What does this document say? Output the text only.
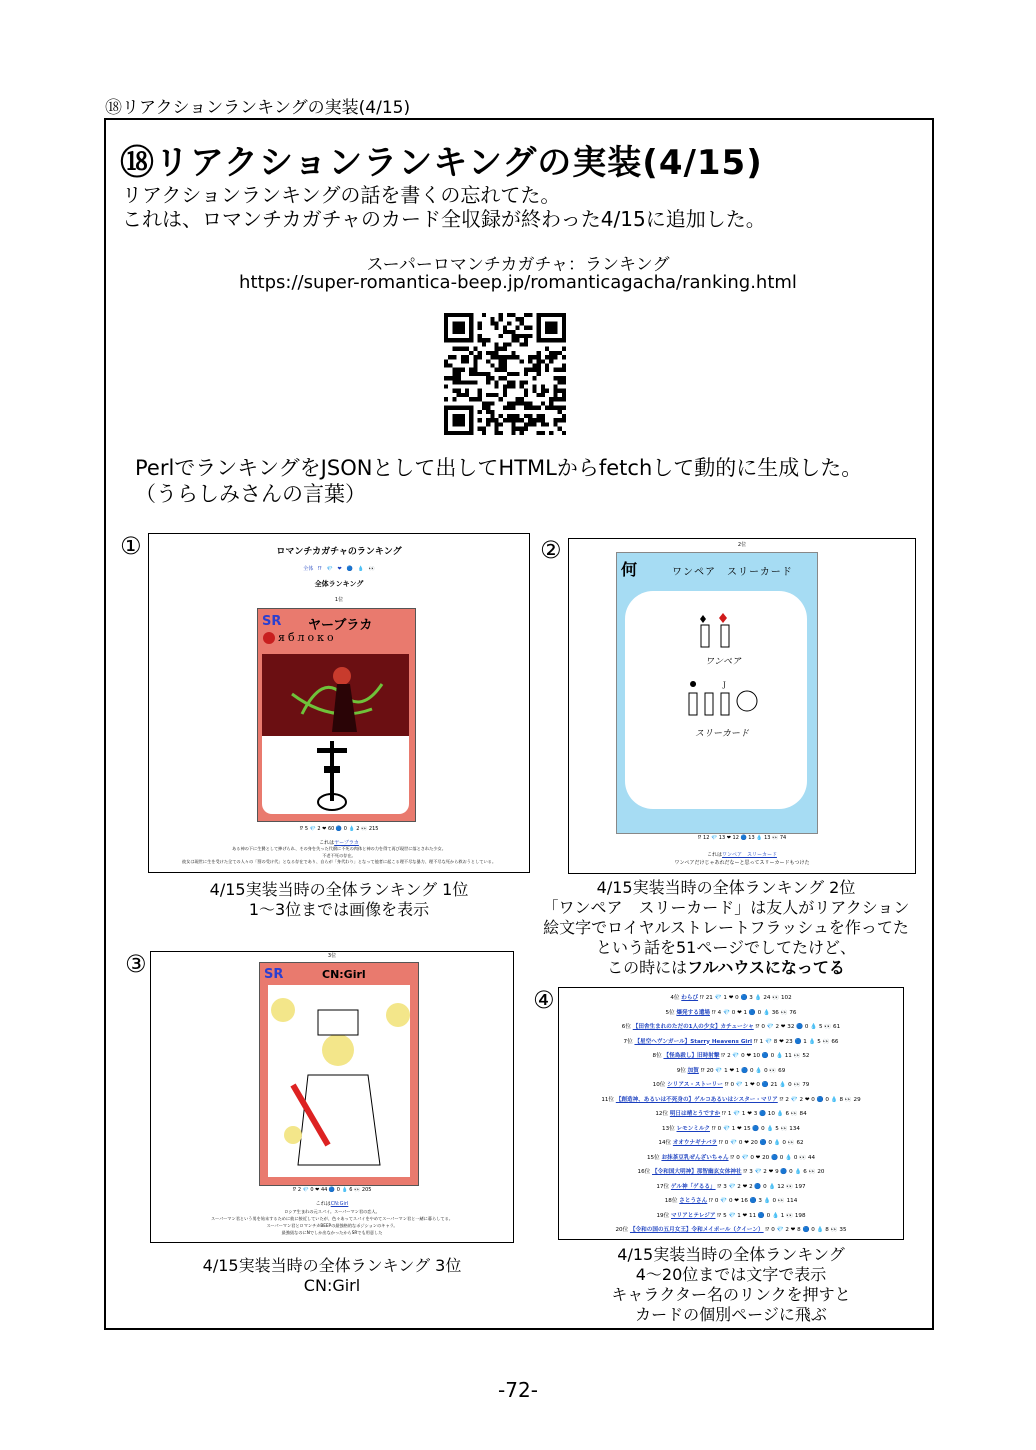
⑱リアクションランキングの実装(4/15)
⑱リアクションランキングの実装(4/15)
リアクションランキングの話を書くの忘れてた。
これは、ロマンチカガチャのカード全収録が終わった4/15に追加した。
スーパーロマンチカガチャ：ランキング
https://super-romantica-beep.jp/romanticagacha/ranking.html
PerlでランキングをJSONとして出してHTMLからfetchして動的に生成した。
（うらしみさんの言葉）
①	②
③
④
ロマンチカガチャのランキング
全体 ⁉ 💎 ❤ 🔵 💧 👀
全体ランキング
1位
SR ヤーブラカ
яблоко
⁉ 5 💎 2 ❤ 60 🔵 0 💧 2 👀 215
これはヤーブラカ
ある神の下に生贄として捧げられ、その身を失った代償に不死の肉体と神の力を得て再び現世に落とされた少女。
不老不死の存在。
彼女は現世に生を受けた全ての人々の「罰の受け代」となる存在であり、自らが「身代わり」となって他者に起こる理不尽な暴力、理不尽な死から救おうとしている。
4/15実装当時の全体ランキング 1位
1〜3位までは画像を表示
2位
何	ワンペア　スリーカード
ワンペア
J
スリーカード
⁉ 12 💎 13 ❤ 12 🔵 13 💧 13 👀 74
これはワンペア　スリーカード
ワンペアだけじゃあれだなーと思ってスリーカードもつけた
4/15実装当時の全体ランキング 2位
「ワンペア　スリーカード」は友人がリアクション
絵文字でロイヤルストレートフラッシュを作ってた
という話を51ページでしてたけど、
この時にはフルハウスになってる
3位
SR	CN:Girl
⁉ 2 💎 0 ❤ 44 🔵 0 💧 6 👀 205
これはCN:Girl
ロシア生まれの元スパイ。スーパーマン君の恋人。
スーパーマン君という男を始末するために彼に接近していたが、色々あってスパイをやめてスーパーマン君と一緒に暮らしてる。
スーパーマン君とロマンチカBEEPの最強格的なポジションのキャラ。
最強級なのにNでしか出なかったからSRでも用意した
4/15実装当時の全体ランキング 3位
CN:Girl
4位 わらび ⁉ 21 💎 1 ❤ 0 🔵 3 💧 24 👀 102
5位 爆発する遺場 ⁉ 4 💎 0 ❤ 1 🔵 0 💧 36 👀 76
6位 【田舎生まれのただの1人の少女】カチューシャ ⁉ 0 💎 2 ❤ 32 🔵 0 💧 5 👀 61
7位 【星空ヘヴンガール】Starry Heavens Girl ⁉ 1 💎 8 ❤ 23 🔵 1 💧 5 👀 66
8位 【怪鳥殺し】旧時射撃 ⁉ 2 💎 0 ❤ 10 🔵 0 💧 11 👀 52
9位 加賀 ⁉ 20 💎 1 ❤ 1 🔵 0 💧 0 👀 69
10位 シリアス・ストーリー ⁉ 0 💎 1 ❤ 0 🔵 21 💧 0 👀 79
11位 【創造神、あるいは不死身の】ゲルコあるいはシスター・マリア ⁉ 2 💎 2 ❤ 0 🔵 0 💧 8 👀 29
12位 明日は晴とうですか ⁉ 1 💎 1 ❤ 3 🔵 10 💧 6 👀 84
13位 レモンミルク ⁉ 0 💎 1 ❤ 15 🔵 0 💧 5 👀 134
14位 オオウナギナバラ ⁉ 0 💎 0 ❤ 20 🔵 0 💧 0 👀 62
15位 お抹茶豆乳ぜんざいちゃん ⁉ 0 💎 0 ❤ 20 🔵 0 💧 0 👀 44
16位 【令和国大明神】那智幽玄女体神社 ⁉ 3 💎 2 ❤ 9 🔵 0 💧 6 👀 20
17位 ゲル神「ゲるる」 ⁉ 3 💎 2 ❤ 2 🔵 0 💧 12 👀 197
18位 さとうさん ⁉ 0 💎 0 ❤ 16 🔵 3 💧 0 👀 114
19位 マリアとテレジア ⁉ 5 💎 1 ❤ 11 🔵 0 💧 1 👀 198
20位 【令和の国の五月女王】令和メイポール（クイーン） ⁉ 0 💎 2 ❤ 8 🔵 0 💧 8 👀 35
4/15実装当時の全体ランキング
4〜20位までは文字で表示
キャラクター名のリンクを押すと
カードの個別ページに飛ぶ
-72-
